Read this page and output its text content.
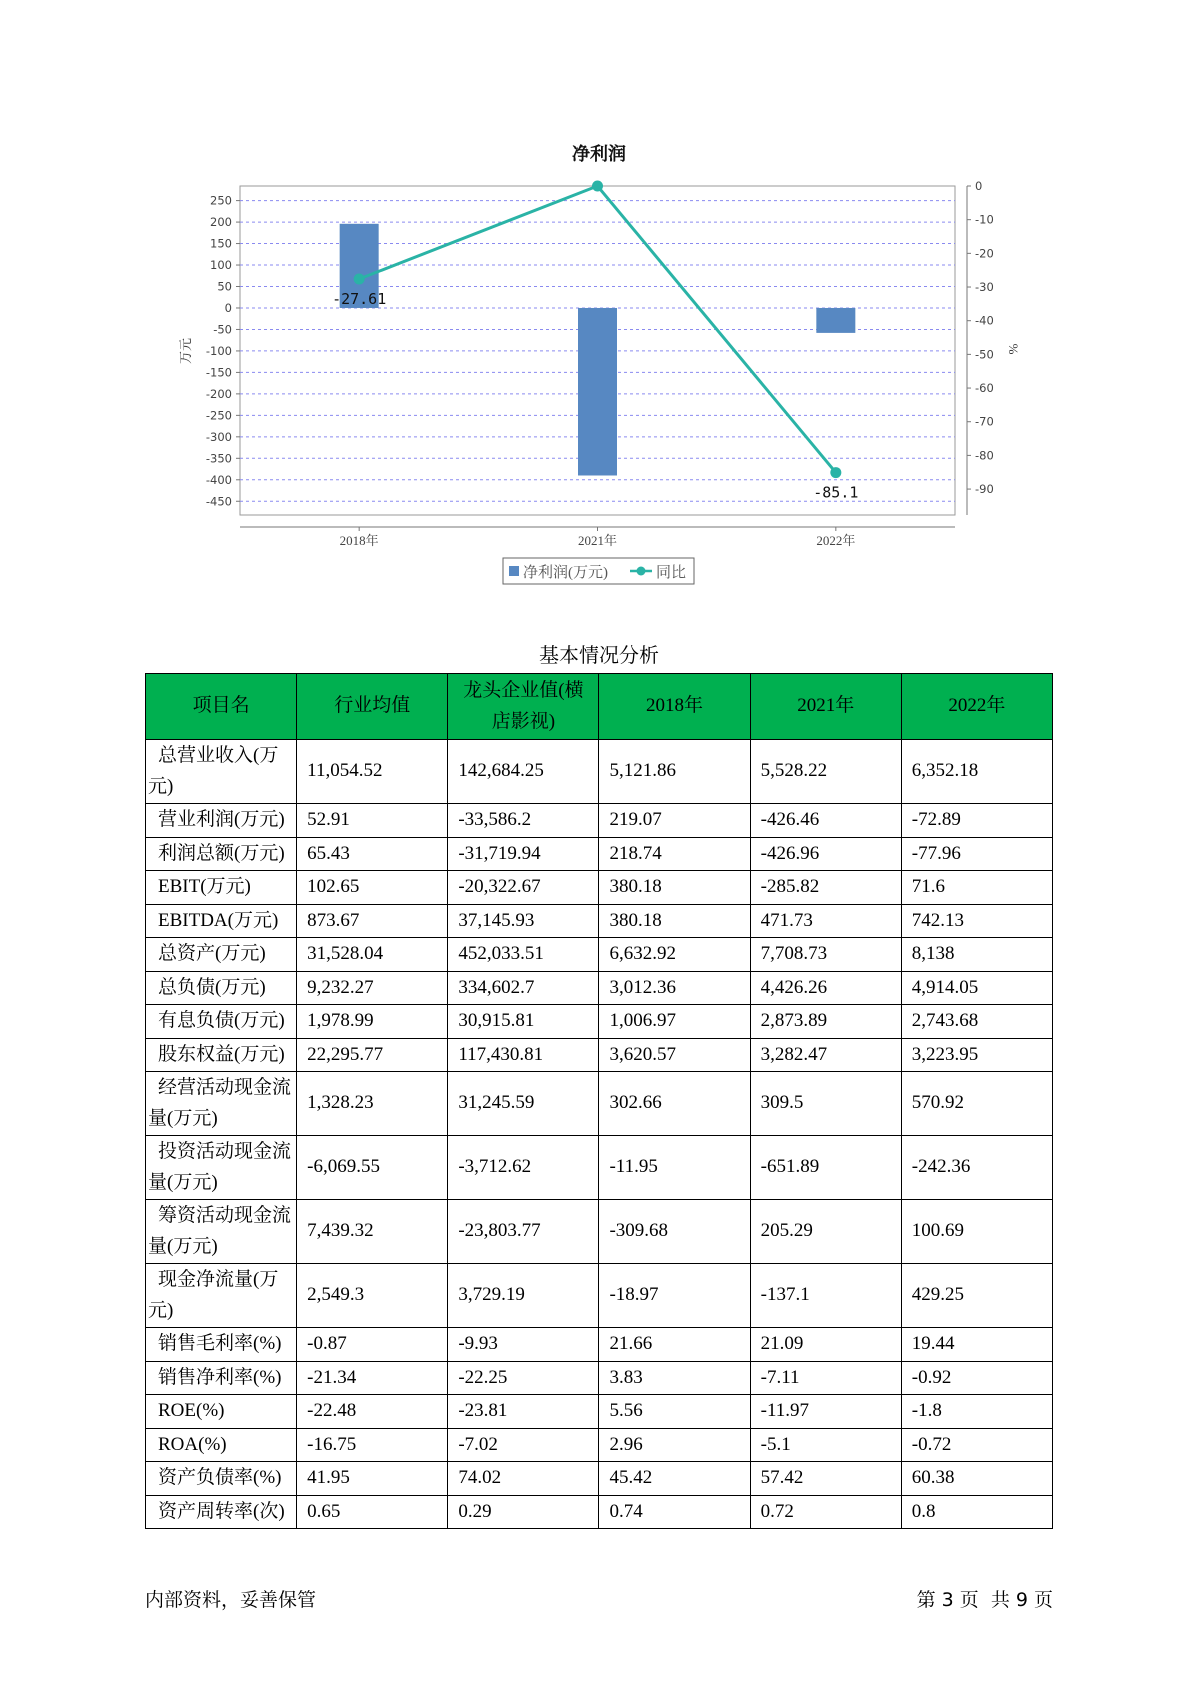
净利润
250
200
150
100
50
0
-50
-100
-150
-200
-250
-300
-350
-400
-450
0
-10
-20
-30
-40
-50
-60
-70
-80
-90
2018年	2021年	2022年
万元	%
-27.61
-85.1
净利润(万元)	同比
基本情况分析
项目名	行业均值	龙头企业值(横店影视)	2018年	2021年	2022年
总营业收入(万元)	11,054.52	142,684.25	5,121.86	5,528.22	6,352.18
营业利润(万元)	52.91	-33,586.2	219.07	-426.46	-72.89
利润总额(万元)	65.43	-31,719.94	218.74	-426.96	-77.96
EBIT(万元)	102.65	-20,322.67	380.18	-285.82	71.6
EBITDA(万元)	873.67	37,145.93	380.18	471.73	742.13
总资产(万元)	31,528.04	452,033.51	6,632.92	7,708.73	8,138
总负债(万元)	9,232.27	334,602.7	3,012.36	4,426.26	4,914.05
有息负债(万元)	1,978.99	30,915.81	1,006.97	2,873.89	2,743.68
股东权益(万元)	22,295.77	117,430.81	3,620.57	3,282.47	3,223.95
经营活动现金流量(万元)	1,328.23	31,245.59	302.66	309.5	570.92
投资活动现金流量(万元)	-6,069.55	-3,712.62	-11.95	-651.89	-242.36
筹资活动现金流量(万元)	7,439.32	-23,803.77	-309.68	205.29	100.69
现金净流量(万元)	2,549.3	3,729.19	-18.97	-137.1	429.25
销售毛利率(%)	-0.87	-9.93	21.66	21.09	19.44
销售净利率(%)	-21.34	-22.25	3.83	-7.11	-0.92
ROE(%)	-22.48	-23.81	5.56	-11.97	-1.8
ROA(%)	-16.75	-7.02	2.96	-5.1	-0.72
资产负债率(%)	41.95	74.02	45.42	57.42	60.38
资产周转率(次)	0.65	0.29	0.74	0.72	0.8
内部资料，妥善保管	第 3 页  共 9 页
